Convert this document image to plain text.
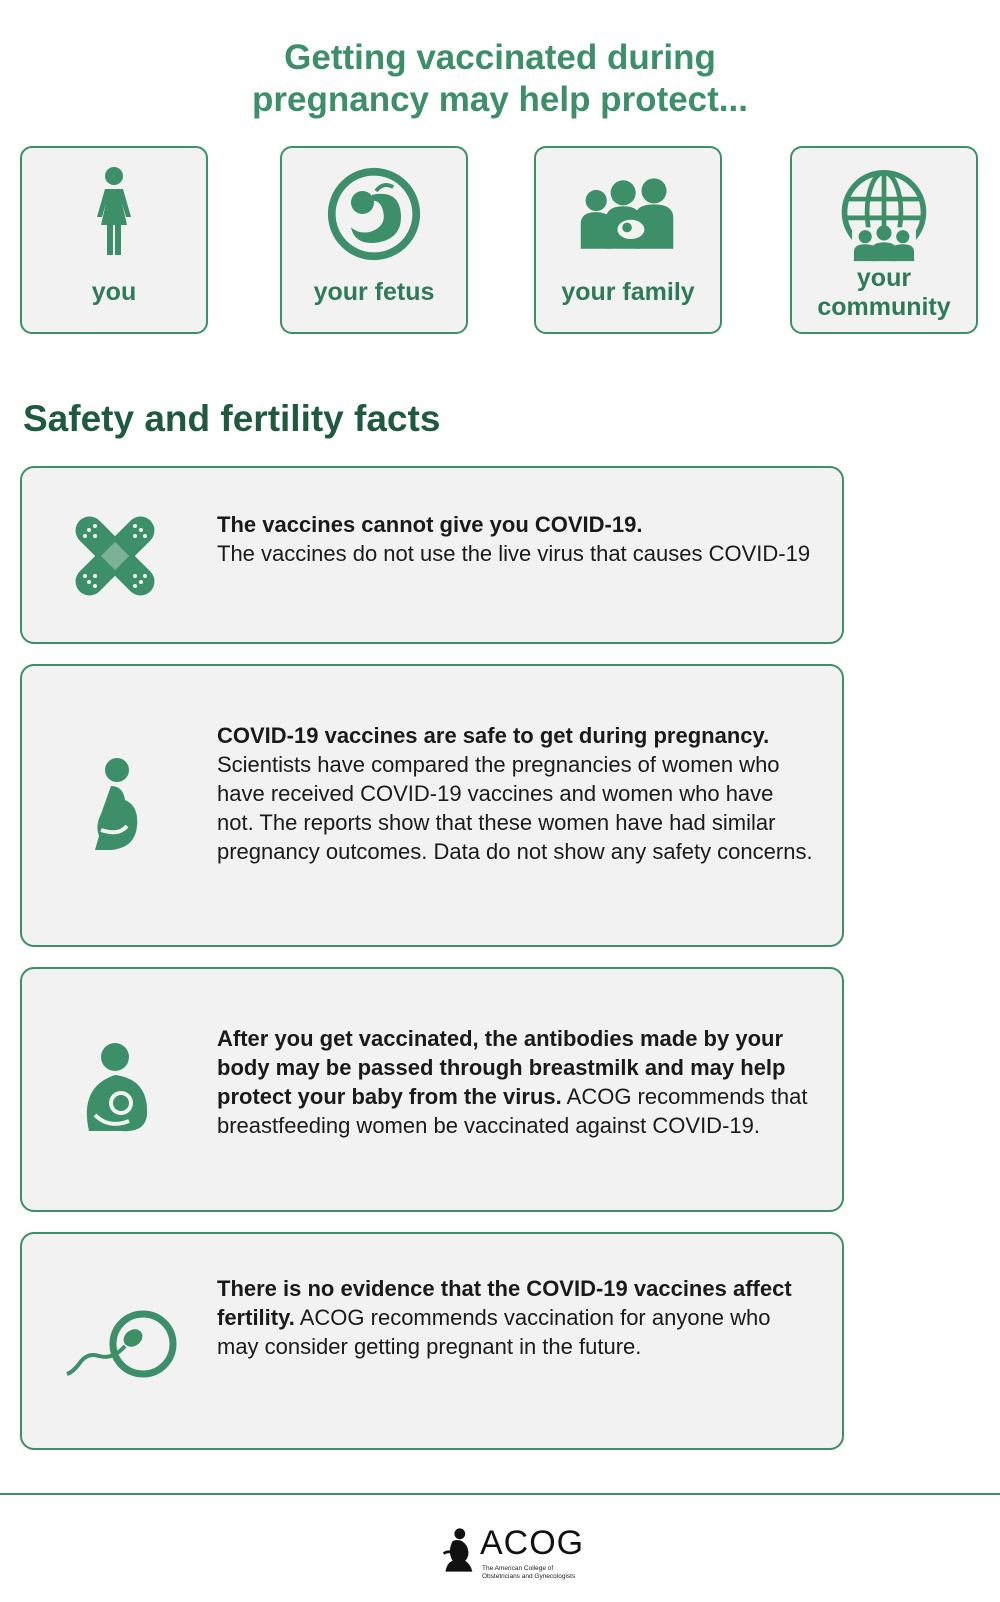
Getting vaccinated during
pregnancy may help protect...
you	your fetus	your family	your
community
Safety and fertility facts

The vaccines cannot give you COVID-19.
The vaccines do not use the live virus that causes COVID-19

COVID-19 vaccines are safe to get during pregnancy.
Scientists have compared the pregnancies of women who have received COVID-19 vaccines and women who have not. The reports show that these women have had similar pregnancy outcomes. Data do not show any safety concerns.

After you get vaccinated, the antibodies made by your body may be passed through breastmilk and may help protect your baby from the virus. ACOG recommends that breastfeeding women be vaccinated against COVID-19.

There is no evidence that the COVID-19 vaccines affect fertility. ACOG recommends vaccination for anyone who may consider getting pregnant in the future.

ACOG
The American College of
Obstetricians and Gynecologists
